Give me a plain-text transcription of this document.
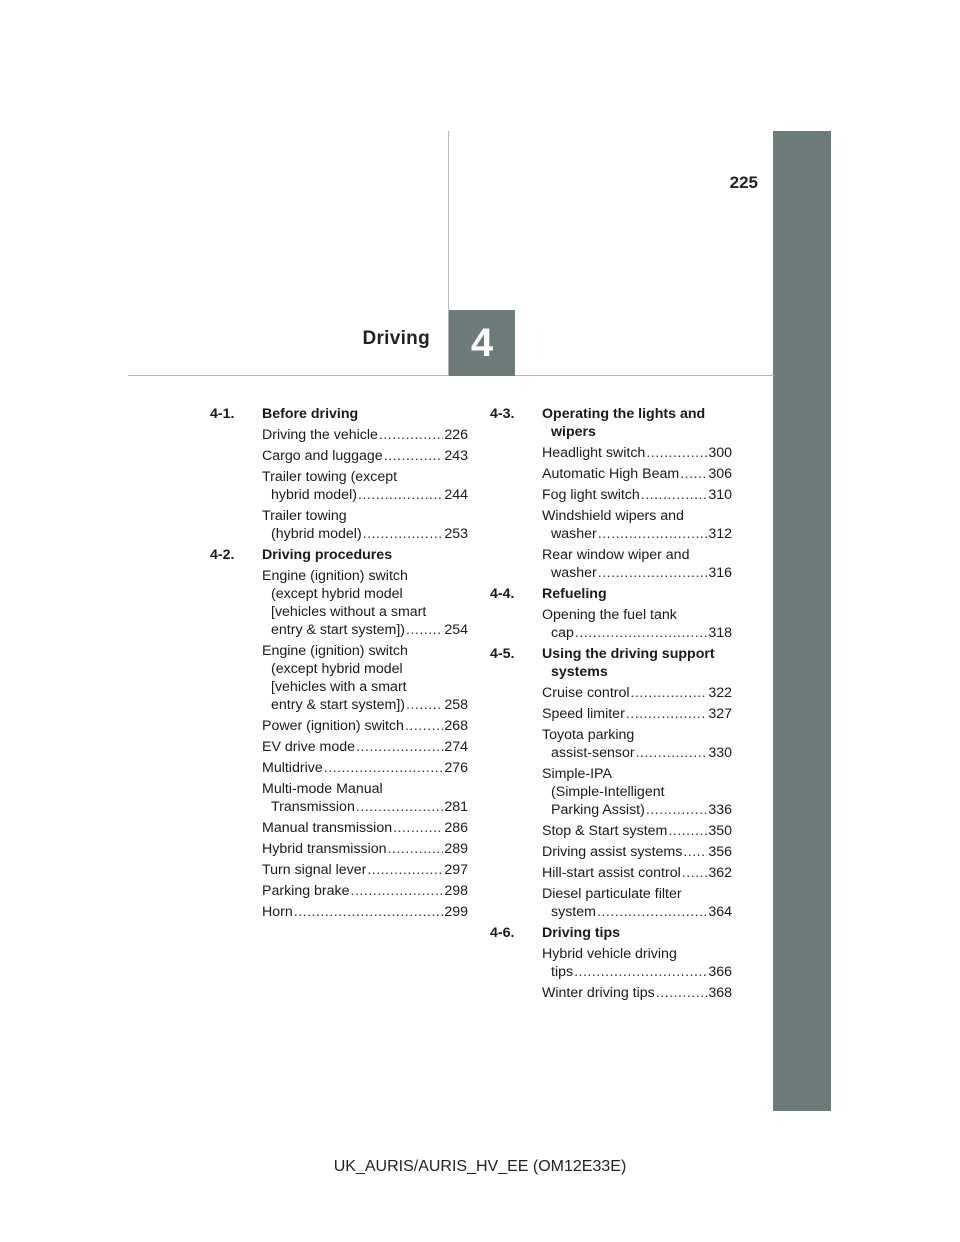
225
Driving 4
4-1.	Before driving
Driving the vehicle .....	226
Cargo and luggage .....	243
Trailer towing (except
hybrid model) .....	244
Trailer towing
(hybrid model) .....	253
4-2.	Driving procedures
Engine (ignition) switch
(except hybrid model
[vehicles without a smart
entry & start system]) .....	254
Engine (ignition) switch
(except hybrid model
[vehicles with a smart
entry & start system]) .....	258
Power (ignition) switch .....	268
EV drive mode .....	274
Multidrive .....	276
Multi-mode Manual
Transmission .....	281
Manual transmission .....	286
Hybrid transmission .....	289
Turn signal lever .....	297
Parking brake .....	298
Horn .....	299
4-3.	Operating the lights and
wipers
Headlight switch .....	300
Automatic High Beam ..... 306
Fog light switch .....	310
Windshield wipers and
washer .....	312
Rear window wiper and
washer .....	316
4-4.	Refueling
Opening the fuel tank
cap .....	318
4-5.	Using the driving support
systems
Cruise control .....	322
Speed limiter .....	327
Toyota parking
assist-sensor .....	330
Simple-IPA
(Simple-Intelligent
Parking Assist) .....	336
Stop & Start system .....	350
Driving assist systems ..... 356
Hill-start assist control ..... 362
Diesel particulate filter
system .....	364
4-6.	Driving tips
Hybrid vehicle driving
tips .....	366
Winter driving tips .....	368
UK_AURIS/AURIS_HV_EE (OM12E33E)
